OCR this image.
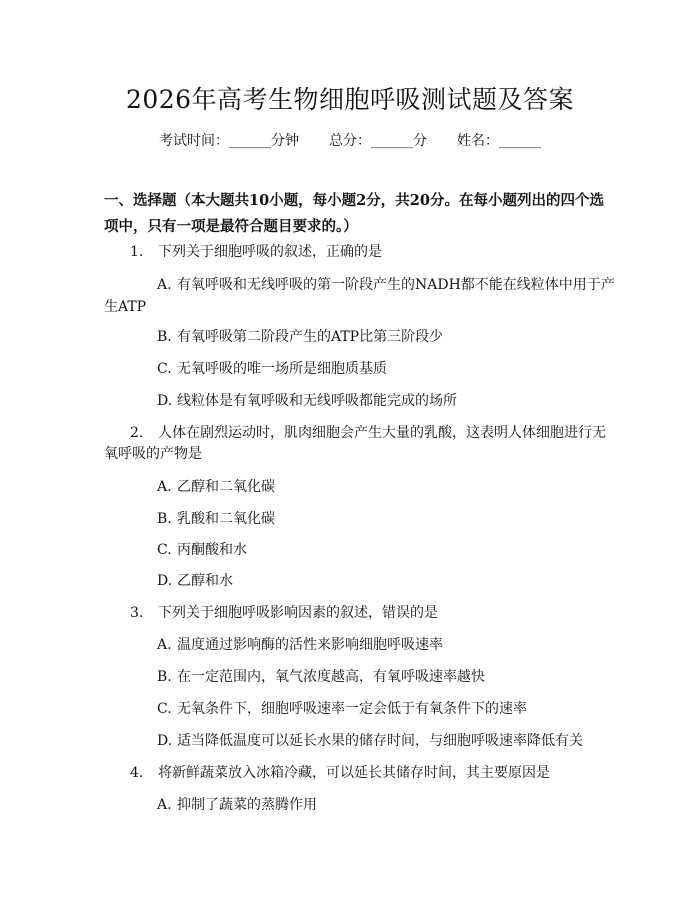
2026年高考生物细胞呼吸测试题及答案
考试时间：______分钟 总分：______分 姓名：______
一、选择题（本大题共10小题，每小题2分，共20分。在每小题列出的四个选
项中，只有一项是最符合题目要求的。）
1. 下列关于细胞呼吸的叙述，正确的是
A. 有氧呼吸和无线呼吸的第一阶段产生的NADH都不能在线粒体中用于产
生ATP
B. 有氧呼吸第二阶段产生的ATP比第三阶段少
C. 无氧呼吸的唯一场所是细胞质基质
D. 线粒体是有氧呼吸和无线呼吸都能完成的场所
2. 人体在剧烈运动时，肌肉细胞会产生大量的乳酸，这表明人体细胞进行无
氧呼吸的产物是
A. 乙醇和二氧化碳
B. 乳酸和二氧化碳
C. 丙酮酸和水
D. 乙醇和水
3. 下列关于细胞呼吸影响因素的叙述，错误的是
A. 温度通过影响酶的活性来影响细胞呼吸速率
B. 在一定范围内，氧气浓度越高，有氧呼吸速率越快
C. 无氧条件下，细胞呼吸速率一定会低于有氧条件下的速率
D. 适当降低温度可以延长水果的储存时间，与细胞呼吸速率降低有关
4. 将新鲜蔬菜放入冰箱冷藏，可以延长其储存时间，其主要原因是
A. 抑制了蔬菜的蒸腾作用
